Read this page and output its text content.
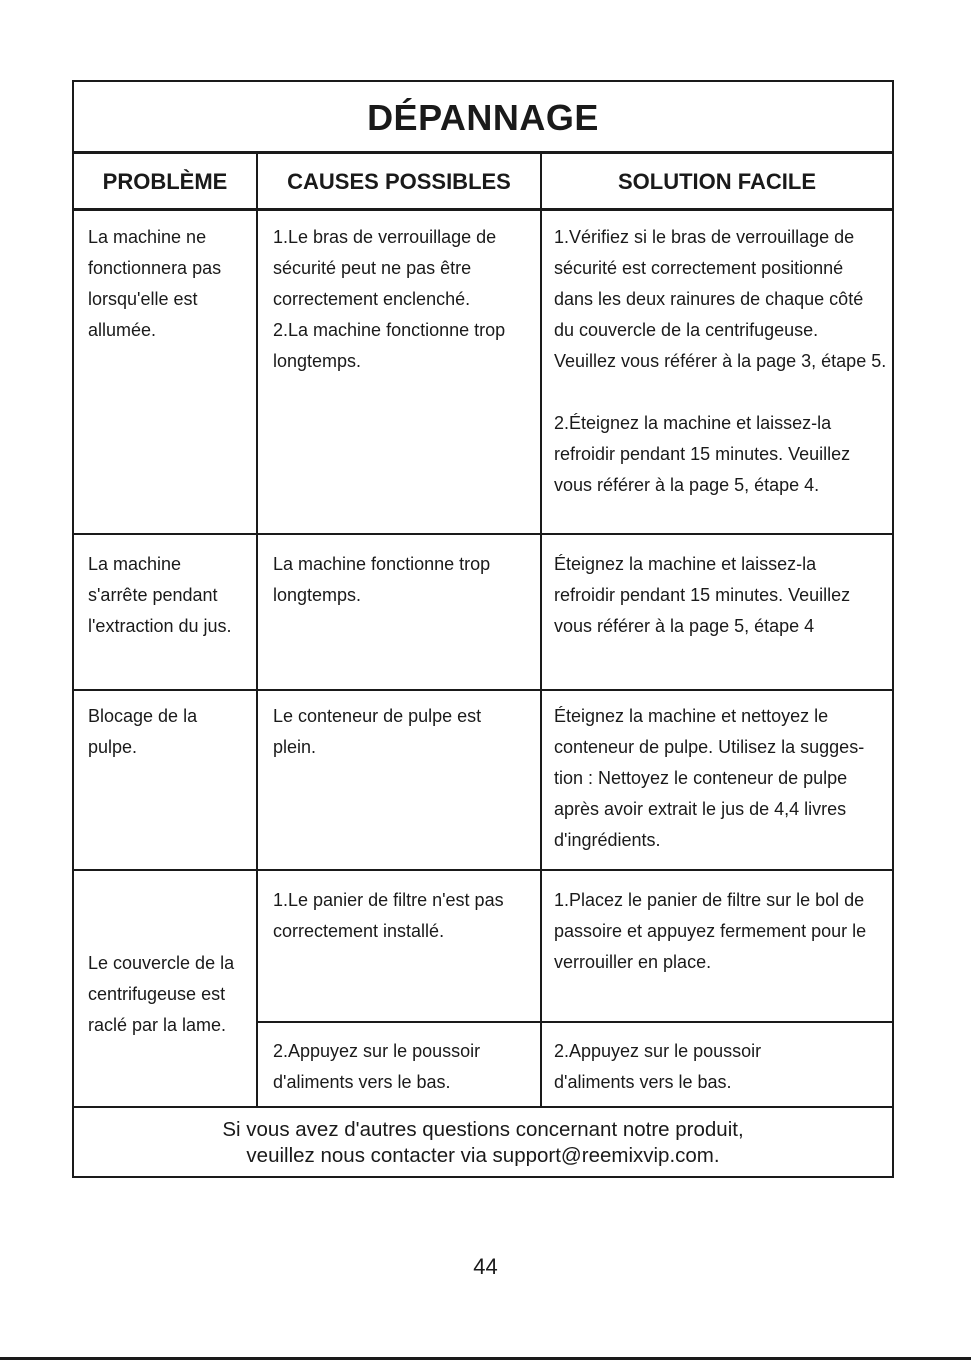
DÉPANNAGE
PROBLÈME	CAUSES POSSIBLES	SOLUTION FACILE
La machine ne
fonctionnera pas
lorsqu'elle est
allumée.
1.Le bras de verrouillage de
sécurité peut ne pas être
correctement enclenché.
2.La machine fonctionne trop
longtemps.
1.Vérifiez si le bras de verrouillage de
sécurité est correctement positionné
dans les deux rainures de chaque côté
du couvercle de la centrifugeuse.
Veuillez vous référer à la page 3, étape 5.

2.Éteignez la machine et laissez-la
refroidir pendant 15 minutes. Veuillez
vous référer à la page 5, étape 4.
La machine
s'arrête pendant
l'extraction du jus.
La machine fonctionne trop
longtemps.
Éteignez la machine et laissez-la
refroidir pendant 15 minutes. Veuillez
vous référer à la page 5, étape 4
Blocage de la
pulpe.
Le conteneur de pulpe est
plein.
Éteignez la machine et nettoyez le
conteneur de pulpe. Utilisez la sugges-
tion : Nettoyez le conteneur de pulpe
après avoir extrait le jus de 4,4 livres
d'ingrédients.
Le couvercle de la
centrifugeuse est
raclé par la lame.
1.Le panier de filtre n'est pas
correctement installé.
1.Placez le panier de filtre sur le bol de
passoire et appuyez fermement pour le
verrouiller en place.
2.Appuyez sur le poussoir
d'aliments vers le bas.
2.Appuyez sur le poussoir
d'aliments vers le bas.
Si vous avez d'autres questions concernant notre produit,
veuillez nous contacter via support@reemixvip.com.
44
